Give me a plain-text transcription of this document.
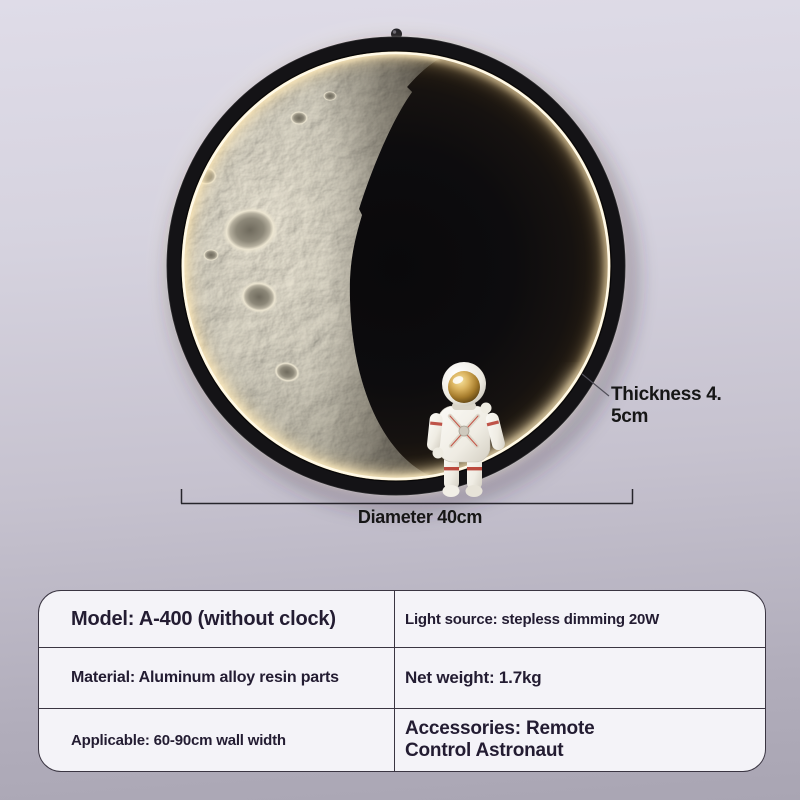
Thickness 4.
5cm
Diameter 40cm
Model: A-400 (without clock)	Light source: stepless dimming 20W
Material: Aluminum alloy resin parts	Net weight: 1.7kg
Applicable: 60-90cm wall width
Accessories: Remote Control Astronaut
